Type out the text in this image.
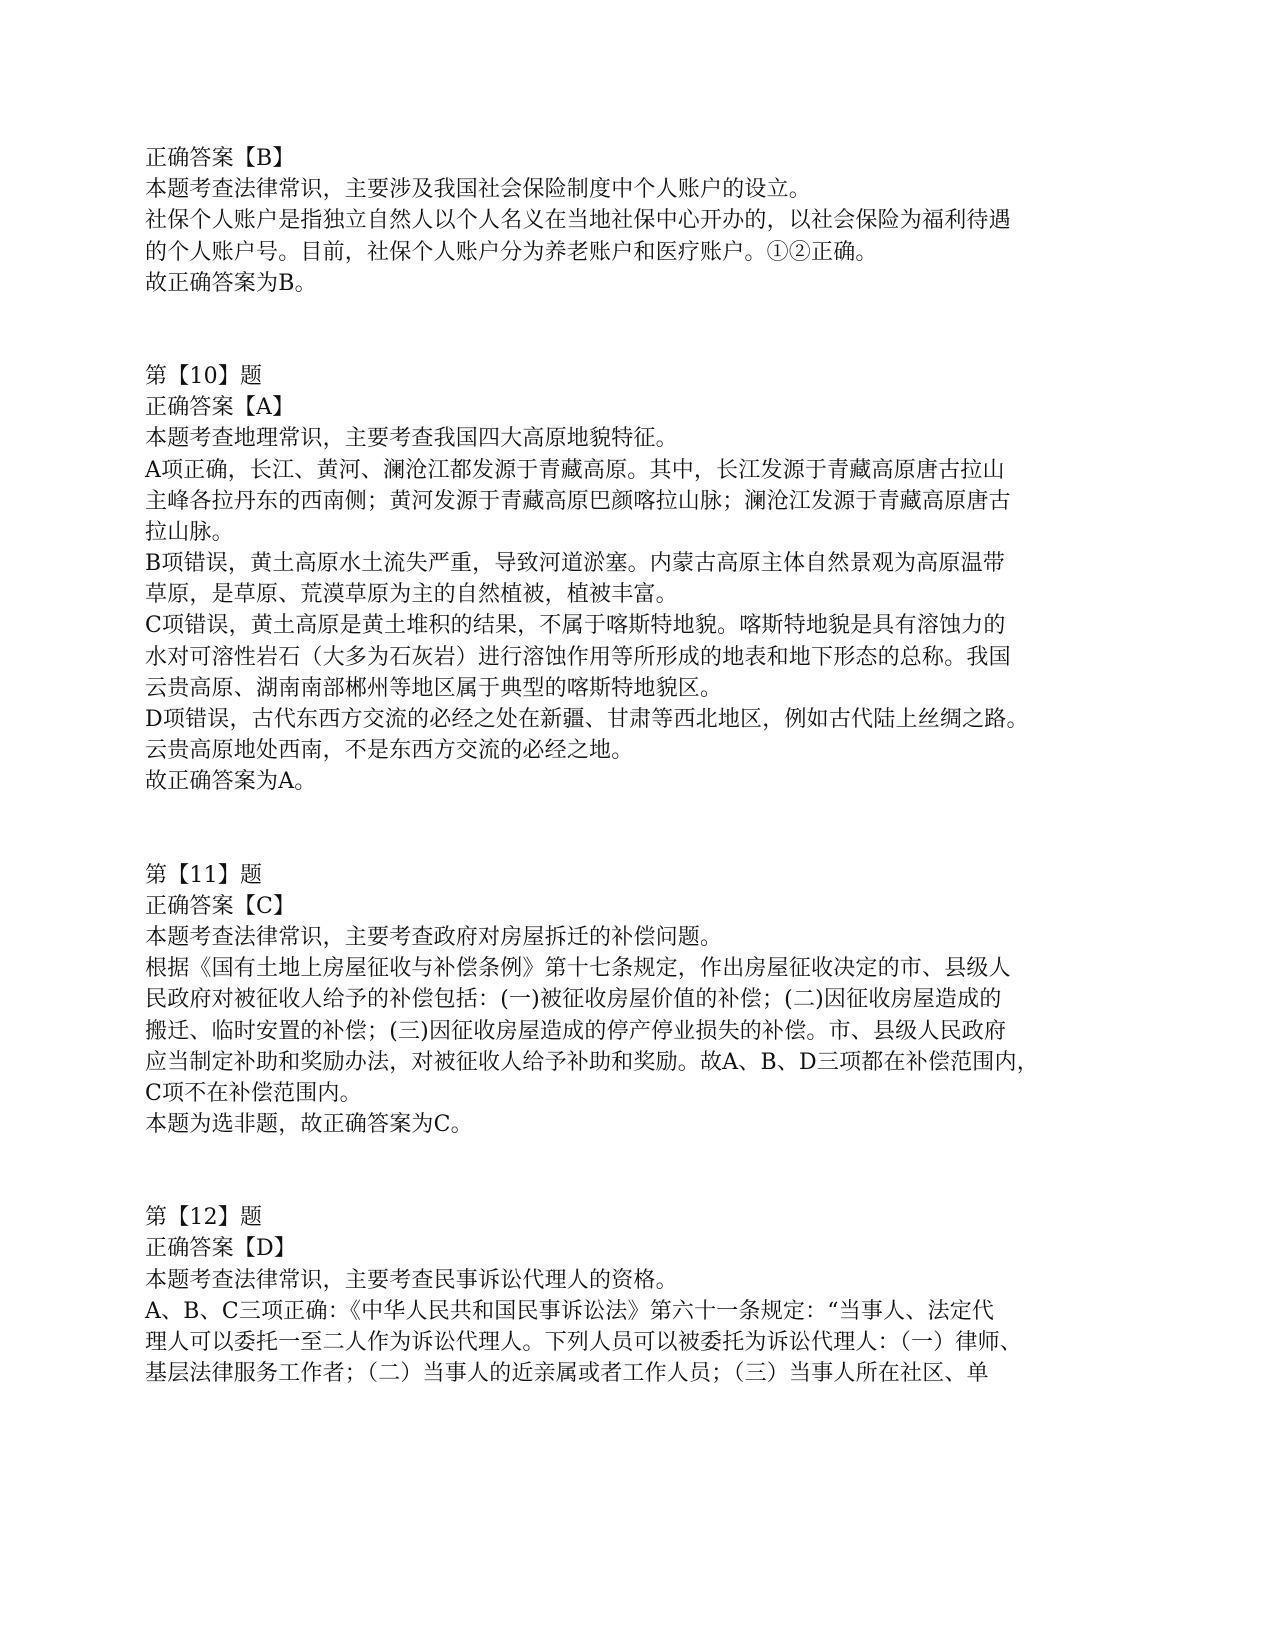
正确答案【B】
本题考查法律常识，主要涉及我国社会保险制度中个人账户的设立。
社保个人账户是指独立自然人以个人名义在当地社保中心开办的，以社会保险为福利待遇
的个人账户号。目前，社保个人账户分为养老账户和医疗账户。①②正确。
故正确答案为B。
第【10】题
正确答案【A】
本题考查地理常识，主要考查我国四大高原地貌特征。
A项正确，长江、黄河、澜沧江都发源于青藏高原。其中，长江发源于青藏高原唐古拉山
主峰各拉丹东的西南侧；黄河发源于青藏高原巴颜喀拉山脉；澜沧江发源于青藏高原唐古
拉山脉。
B项错误，黄土高原水土流失严重，导致河道淤塞。内蒙古高原主体自然景观为高原温带
草原，是草原、荒漠草原为主的自然植被，植被丰富。
C项错误，黄土高原是黄土堆积的结果，不属于喀斯特地貌。喀斯特地貌是具有溶蚀力的
水对可溶性岩石（大多为石灰岩）进行溶蚀作用等所形成的地表和地下形态的总称。我国
云贵高原、湖南南部郴州等地区属于典型的喀斯特地貌区。
D项错误，古代东西方交流的必经之处在新疆、甘肃等西北地区，例如古代陆上丝绸之路。
云贵高原地处西南，不是东西方交流的必经之地。
故正确答案为A。
第【11】题
正确答案【C】
本题考查法律常识，主要考查政府对房屋拆迁的补偿问题。
根据《国有土地上房屋征收与补偿条例》第十七条规定，作出房屋征收决定的市、县级人
民政府对被征收人给予的补偿包括：(一)被征收房屋价值的补偿；(二)因征收房屋造成的
搬迁、临时安置的补偿；(三)因征收房屋造成的停产停业损失的补偿。市、县级人民政府
应当制定补助和奖励办法，对被征收人给予补助和奖励。故A、B、D三项都在补偿范围内，
C项不在补偿范围内。
本题为选非题，故正确答案为C。
第【12】题
正确答案【D】
本题考查法律常识，主要考查民事诉讼代理人的资格。
A、B、C三项正确：《中华人民共和国民事诉讼法》第六十一条规定：“当事人、法定代
理人可以委托一至二人作为诉讼代理人。下列人员可以被委托为诉讼代理人：（一）律师、
基层法律服务工作者；（二）当事人的近亲属或者工作人员；（三）当事人所在社区、单
